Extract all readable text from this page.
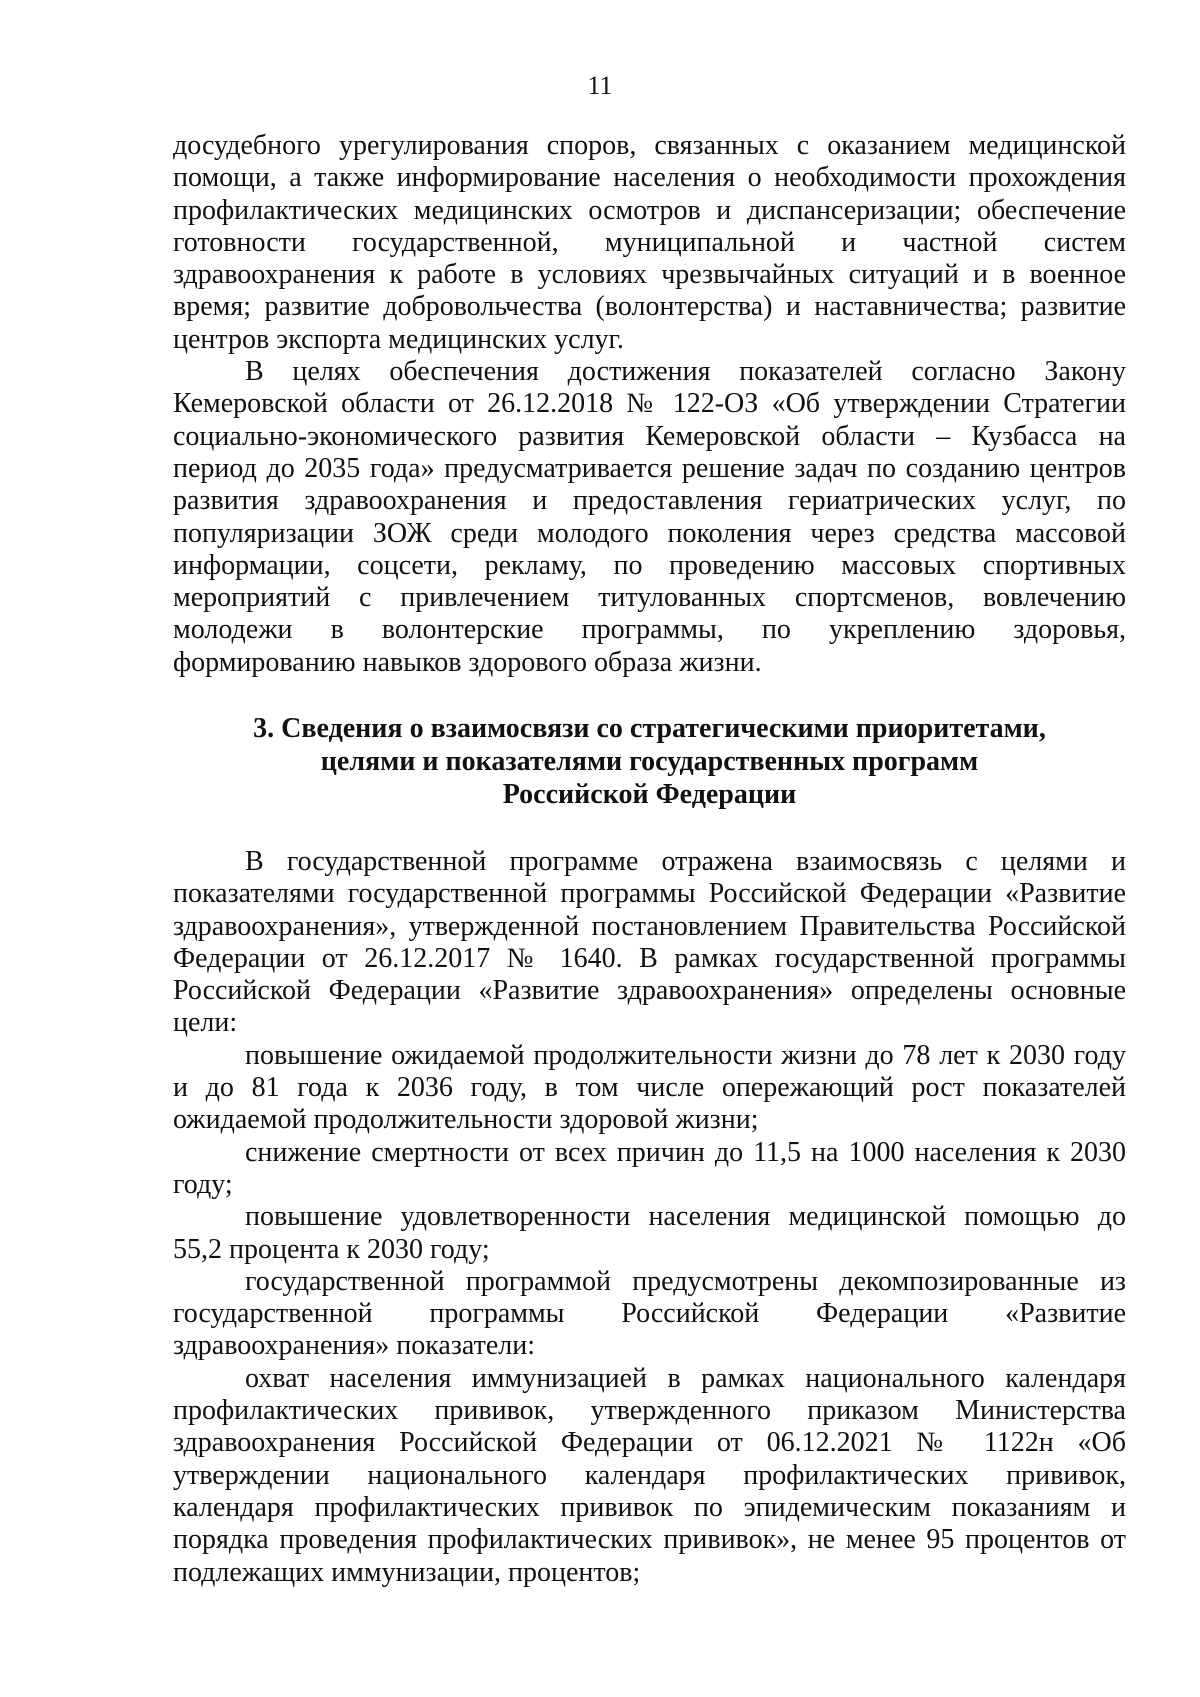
11

досудебного урегулирования споров, связанных с оказанием медицинской помощи, а также информирование населения о необходимости прохождения профилактических медицинских осмотров и диспансеризации; обеспечение готовности государственной, муниципальной и частной систем здравоохранения к работе в условиях чрезвычайных ситуаций и в военное время; развитие добровольчества (волонтерства) и наставничества; развитие центров экспорта медицинских услуг.

В целях обеспечения достижения показателей согласно Закону Кемеровской области от 26.12.2018 № 122-ОЗ «Об утверждении Стратегии социально-экономического развития Кемеровской области – Кузбасса на период до 2035 года» предусматривается решение задач по созданию центров развития здравоохранения и предоставления гериатрических услуг, по популяризации ЗОЖ среди молодого поколения через средства массовой информации, соцсети, рекламу, по проведению массовых спортивных мероприятий с привлечением титулованных спортсменов, вовлечению молодежи в волонтерские программы, по укреплению здоровья, формированию навыков здорового образа жизни.

3. Сведения о взаимосвязи со стратегическими приоритетами,
целями и показателями государственных программ
Российской Федерации

В государственной программе отражена взаимосвязь с целями и показателями государственной программы Российской Федерации «Развитие здравоохранения», утвержденной постановлением Правительства Российской Федерации от 26.12.2017 № 1640. В рамках государственной программы Российской Федерации «Развитие здравоохранения» определены основные цели:

повышение ожидаемой продолжительности жизни до 78 лет к 2030 году и до 81 года к 2036 году, в том числе опережающий рост показателей ожидаемой продолжительности здоровой жизни;

снижение смертности от всех причин до 11,5 на 1000 населения к 2030 году;

повышение удовлетворенности населения медицинской помощью до 55,2 процента к 2030 году;

государственной программой предусмотрены декомпозированные из государственной программы Российской Федерации «Развитие здравоохранения» показатели:

охват населения иммунизацией в рамках национального календаря профилактических прививок, утвержденного приказом Министерства здравоохранения Российской Федерации от 06.12.2021 № 1122н «Об утверждении национального календаря профилактических прививок, календаря профилактических прививок по эпидемическим показаниям и порядка проведения профилактических прививок», не менее 95 процентов от подлежащих иммунизации, процентов;
